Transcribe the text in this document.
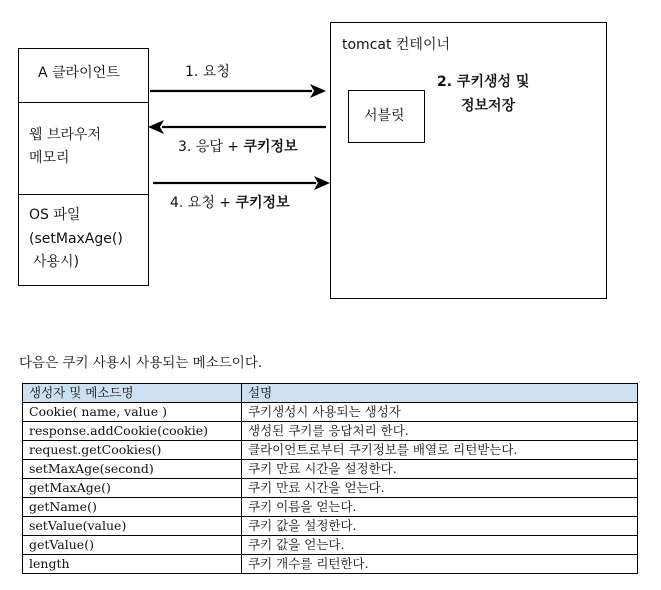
A 클라이언트
웹 브라우저
메모리
OS 파일
(setMaxAge()
사용시)
tomcat 컨테이너
서블릿
2. 쿠키생성 및
정보저장
1. 요청
3. 응답 + 쿠키정보
4. 요청 + 쿠키정보
다음은 쿠키 사용시 사용되는 메소드이다.
생성자 및 메소드명	설명
Cookie( name, value )	쿠키생성시 사용되는 생성자
response.addCookie(cookie)	생성된 쿠키를 응답처리 한다.
request.getCookies()	클라이언트로부터 쿠키정보를 배열로 리턴받는다.
setMaxAge(second)	쿠키 만료 시간을 설정한다.
getMaxAge()	쿠키 만료 시간을 얻는다.
getName()	쿠키 이름을 얻는다.
setValue(value)	쿠키 값을 설정한다.
getValue()	쿠키 값을 얻는다.
length	쿠키 개수를 리턴한다.
